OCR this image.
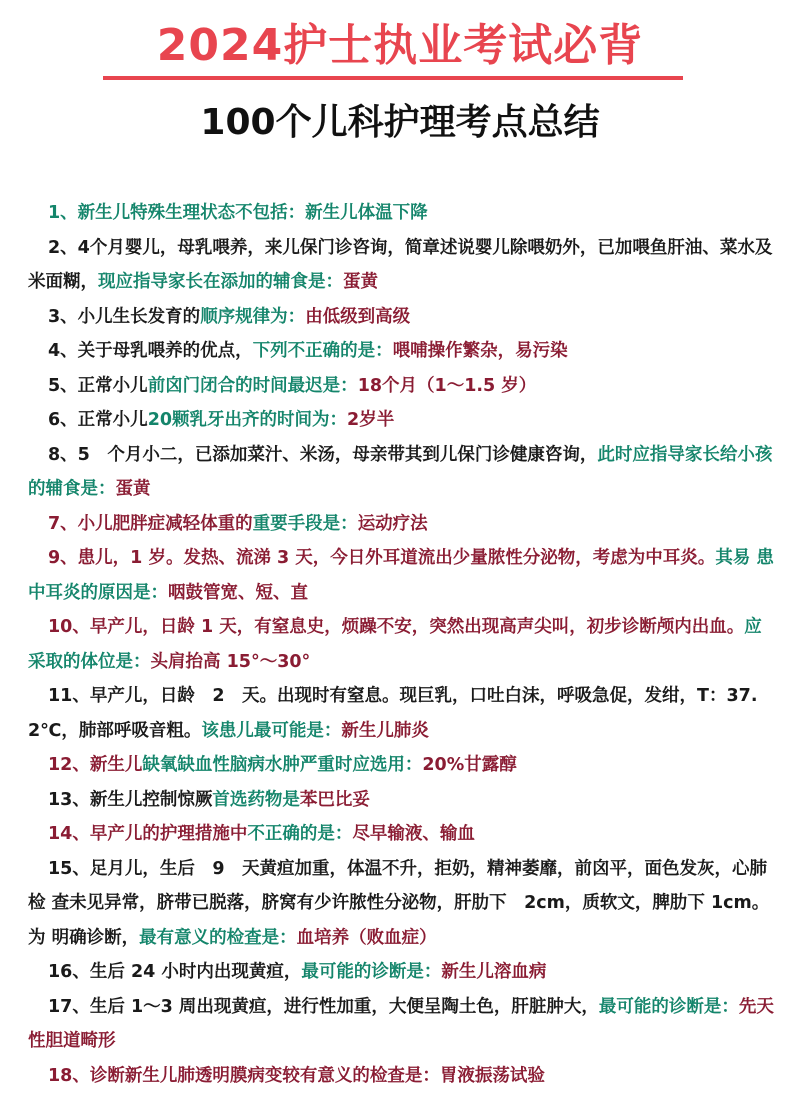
2024护士执业考试必背
100个儿科护理考点总结
1、新生儿特殊生理状态不包括：新生儿体温下降
2、4个月婴儿，母乳喂养，来儿保门诊咨询，简章述说婴儿除喂奶外，已加喂鱼肝油、菜水及米面糊，现应指导家长在添加的辅食是：蛋黄
3、小儿生长发育的顺序规律为：由低级到高级
4、关于母乳喂养的优点，下列不正确的是：喂哺操作繁杂，易污染
5、正常小儿前囟门闭合的时间最迟是：18个月（1～1.5 岁）
6、正常小儿20颗乳牙出齐的时间为：2岁半
8、5　个月小二，已添加菜汁、米汤，母亲带其到儿保门诊健康咨询，此时应指导家长给小孩的辅食是：蛋黄
7、小儿肥胖症减轻体重的重要手段是：运动疗法
9、患儿，1 岁。发热、流涕 3 天，今日外耳道流出少量脓性分泌物，考虑为中耳炎。其易 患中耳炎的原因是：咽鼓管宽、短、直
10、早产儿，日龄 1 天，有窒息史，烦躁不安，突然出现高声尖叫，初步诊断颅内出血。应采取的体位是：头肩抬高 15°～30°
11、早产儿，日龄　2　天。出现时有窒息。现巨乳，口吐白沫，呼吸急促，发绀，T：37.2℃，肺部呼吸音粗。该患儿最可能是：新生儿肺炎
12、新生儿缺氧缺血性脑病水肿严重时应选用：20%甘露醇
13、新生儿控制惊厥首选药物是苯巴比妥
14、早产儿的护理措施中不正确的是：尽早输液、输血
15、足月儿，生后　9　天黄疸加重，体温不升，拒奶，精神萎靡，前囟平，面色发灰，心肺检 查未见异常，脐带已脱落，脐窝有少许脓性分泌物，肝肋下　2cm，质软文，脾肋下 1cm。为 明确诊断，最有意义的检查是：血培养（败血症）
16、生后 24 小时内出现黄疸，最可能的诊断是：新生儿溶血病
17、生后 1～3 周出现黄疸，进行性加重，大便呈陶土色，肝脏肿大，最可能的诊断是：先天性胆道畸形
18、诊断新生儿肺透明膜病变较有意义的检查是：胃液振荡试验
